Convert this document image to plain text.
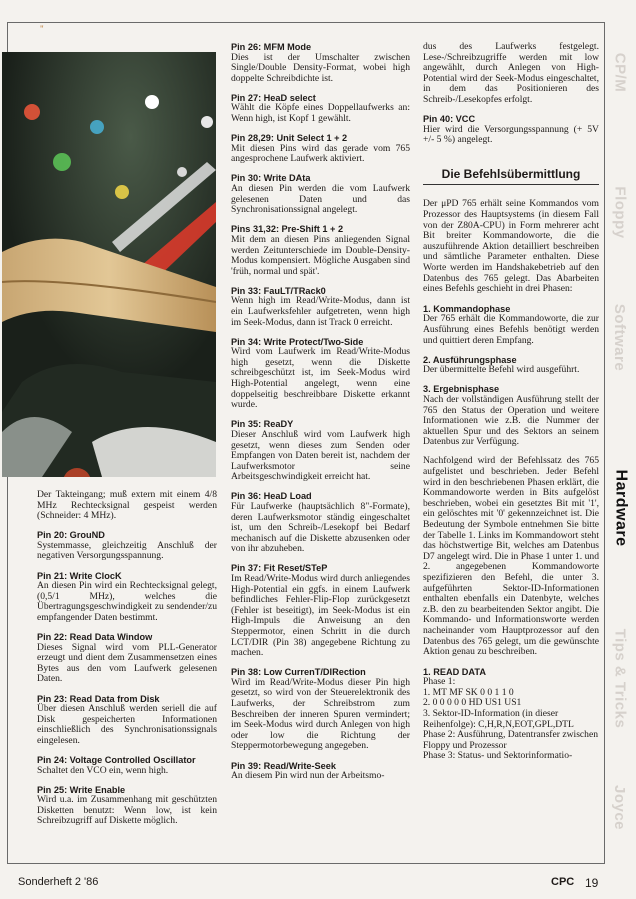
"

Der Takteingang; muß extern mit einem 4/8 MHz Rechtecksignal gespeist werden (Schneider: 4 MHz).

Pin 20: GrouND

Systemmasse, gleichzeitig Anschluß der negativen Versorgungsspannung.

Pin 21: Write ClocK

An diesen Pin wird ein Rechtecksignal gelegt, (0,5/1 MHz), welches die Übertragungsgeschwindigkeit zu sendender/zu empfangender Daten bestimmt.

Pin 22: Read Data Window

Dieses Signal wird vom PLL-Generator erzeugt und dient dem Zusammensetzen eines Bytes aus den vom Laufwerk gelesenen Daten.

Pin 23: Read Data from Disk

Über diesen Anschluß werden seriell die auf Disk gespeicherten Informationen einschließlich des Synchronisationssignals eingelesen.

Pin 24: Voltage Controlled Oscillator

Schaltet den VCO ein, wenn high.

Pin 25: Write Enable

Wird u.a. im Zusammenhang mit geschützten Disketten benutzt: Wenn low, ist kein Schreibzugriff auf Diskette möglich.

Pin 26: MFM Mode

Dies ist der Umschalter zwischen Single/Double Density-Format, wobei high doppelte Schreibdichte ist.

Pin 27: HeaD select

Wählt die Köpfe eines Doppellaufwerks an: Wenn high, ist Kopf 1 gewählt.

Pin 28,29: Unit Select 1 + 2

Mit diesen Pins wird das gerade vom 765 angesprochene Laufwerk aktiviert.

Pin 30: Write DAta

An diesen Pin werden die vom Laufwerk gelesenen Daten und das Synchronisationssignal angelegt.

Pins 31,32: Pre-Shift 1 + 2

Mit dem an diesen Pins anliegenden Signal werden Zeitunterschiede im Double-Density-Modus kompensiert. Mögliche Ausgaben sind 'früh, normal und spät'.

Pin 33: FauLT/TRack0

Wenn high im Read/Write-Modus, dann ist ein Laufwerksfehler aufgetreten, wenn high im Seek-Modus, dann ist Track 0 erreicht.

Pin 34: Write Protect/Two-Side

Wird vom Laufwerk im Read/Write-Modus high gesetzt, wenn die Diskette schreibgeschützt ist, im Seek-Modus wird High-Potential angelegt, wenn eine doppelseitig beschreibbare Diskette erkannt wurde.

Pin 35: ReaDY

Dieser Anschluß wird vom Laufwerk high gesetzt, wenn dieses zum Senden oder Empfangen von Daten bereit ist, nachdem der Laufwerksmotor seine Arbeitsgeschwindigkeit erreicht hat.

Pin 36: HeaD Load

Für Laufwerke (hauptsächlich 8"-Formate), deren Laufwerksmotor ständig eingeschaltet ist, um den Schreib-/Lesekopf bei Bedarf mechanisch auf die Diskette abzusenken oder von ihr abzuheben.

Pin 37: Fit Reset/STeP

Im Read/Write-Modus wird durch anliegendes High-Potential ein ggfs. in einem Laufwerk befindliches Fehler-Flip-Flop zurückgesetzt (Fehler ist beseitigt), im Seek-Modus ist ein High-Impuls die Anweisung an den Steppermotor, einen Schritt in die durch LCT/DIR (Pin 38) angegebene Richtung zu machen.

Pin 38: Low CurrenT/DIRection

Wird im Read/Write-Modus dieser Pin high gesetzt, so wird von der Steuerelektronik des Laufwerks, der Schreibstrom zum Beschreiben der inneren Spuren vermindert; im Seek-Modus wird durch Anlegen von high oder low die Richtung der Steppermotorbewegung angegeben.

Pin 39: Read/Write-Seek

An diesem Pin wird nun der Arbeitsmo-

dus des Laufwerks festgelegt. Lese-/Schreibzugriffe werden mit low angewählt, durch Anlegen von High-Potential wird der Seek-Modus eingeschaltet, in dem das Positionieren des Schreib-/Lesekopfes erfolgt.

Pin 40: VCC

Hier wird die Versorgungsspannung (+ 5V +/- 5 %) angelegt.

Die Befehlsübermittlung

Der μPD 765 erhält seine Kommandos vom Prozessor des Hauptsystems (in diesem Fall von der Z80A-CPU) in Form mehrerer acht Bit breiter Kommandoworte, die die auszuführende Aktion detailliert beschreiben und sämtliche Parameter enthalten. Diese Worte werden im Handshakebetrieb auf den Datenbus des 765 gelegt. Das Abarbeiten eines Befehls geschieht in drei Phasen:

1. Kommandophase

Der 765 erhält die Kommandoworte, die zur Ausführung eines Befehls benötigt werden und quittiert deren Empfang.

2. Ausführungsphase

Der übermittelte Befehl wird ausgeführt.

3. Ergebnisphase

Nach der vollständigen Ausführung stellt der 765 den Status der Operation und weitere Informationen wie z.B. die Nummer der aktuellen Spur und des Sektors an seinem Datenbus zur Verfügung.

Nachfolgend wird der Befehlssatz des 765 aufgelistet und beschrieben. Jeder Befehl wird in den beschriebenen Phasen erklärt, die Kommandoworte werden in Bits aufgelöst beschrieben, wobei ein gesetztes Bit mit '1', ein gelöschtes mit '0' gekennzeichnet ist. Die Bedeutung der Symbole entnehmen Sie bitte der Tabelle 1. Links im Kommandowort steht das höchstwertige Bit, welches am Datenbus D7 angelegt wird. Die in Phase 1 unter 1. und 2. angegebenen Kommandoworte spezifizieren den Befehl, die unter 3. aufgeführten Sektor-ID-Informationen enthalten ebenfalls ein Datenbyte, welches z.B. den zu bearbeitenden Sektor angibt. Die Kommando- und Informationsworte werden nacheinander vom Hauptprozessor auf den Datenbus des 765 gelegt, um die gewünschte Aktion genau zu beschreiben.

1. READ DATA
Phase 1:
1. MT MF SK 0 0 1 1 0
2. 0 0 0 0 0 HD US1 US1
3. Sektor-ID-Information (in dieser Reihenfolge): C,H,R,N,EOT,GPL,DTL
Phase 2: Ausführung, Datentransfer zwischen Floppy und Prozessor
Phase 3: Status- und Sektorinformatio-
CP/M
Floppy
Software
Hardware
Tips & Tricks
Joyce
Sonderheft 2 '86	CPC 19
